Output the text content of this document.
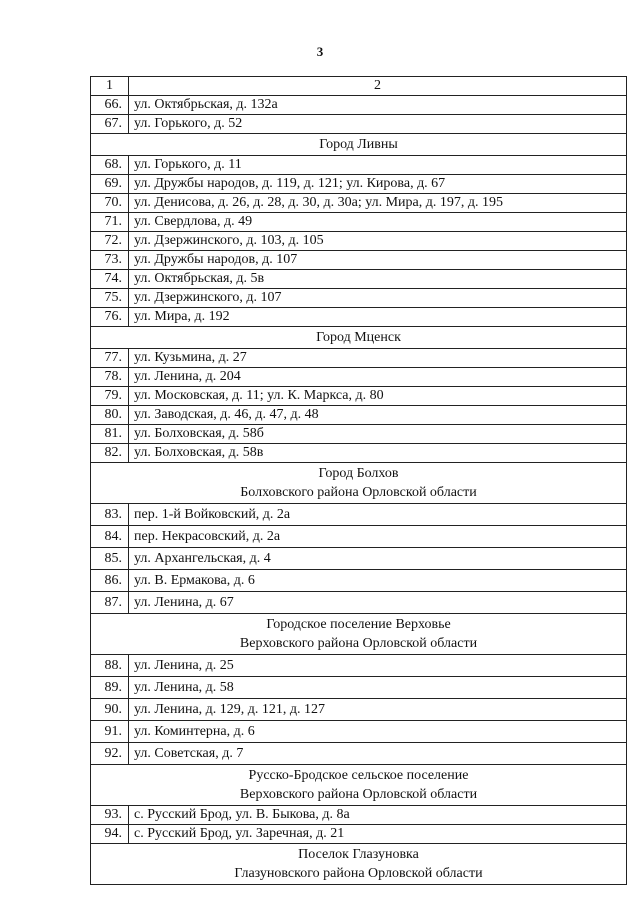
3
1	2
66.	ул. Октябрьская, д. 132а
67.	ул. Горького, д. 52

Город Ливны	

68.	ул. Горького, д. 11
69.	ул. Дружбы народов, д. 119, д. 121; ул. Кирова, д. 67
70.	ул. Денисова, д. 26, д. 28, д. 30, д. 30а; ул. Мира, д. 197, д. 195
71.	ул. Свердлова, д. 49
72.	ул. Дзержинского, д. 103, д. 105
73.	ул. Дружбы народов, д. 107
74.	ул. Октябрьская, д. 5в
75.	ул. Дзержинского, д. 107
76.	ул. Мира, д. 192

Город Мценск	

77.	ул. Кузьмина, д. 27
78.	ул. Ленина, д. 204
79.	ул. Московская, д. 11; ул. К. Маркса, д. 80
80.	ул. Заводская, д. 46, д. 47, д. 48
81.	ул. Болховская, д. 58б
82.	ул. Болховская, д. 58в

Город Болхов
Болховского района Орловской области	

83.	пер. 1-й Войковский, д. 2а
84.	пер. Некрасовский, д. 2а
85.	ул. Архангельская, д. 4
86.	ул. В. Ермакова, д. 6
87.	ул. Ленина, д. 67

Городское поселение Верховье
Верховского района Орловской области	

88.	ул. Ленина, д. 25
89.	ул. Ленина, д. 58
90.	ул. Ленина, д. 129, д. 121, д. 127
91.	ул. Коминтерна, д. 6
92.	ул. Советская, д. 7

Русско-Бродское сельское поселение
Верховского района Орловской области	

93.	с. Русский Брод, ул. В. Быкова, д. 8а
94.	с. Русский Брод, ул. Заречная, д. 21

Поселок Глазуновка
Глазуновского района Орловской области	
